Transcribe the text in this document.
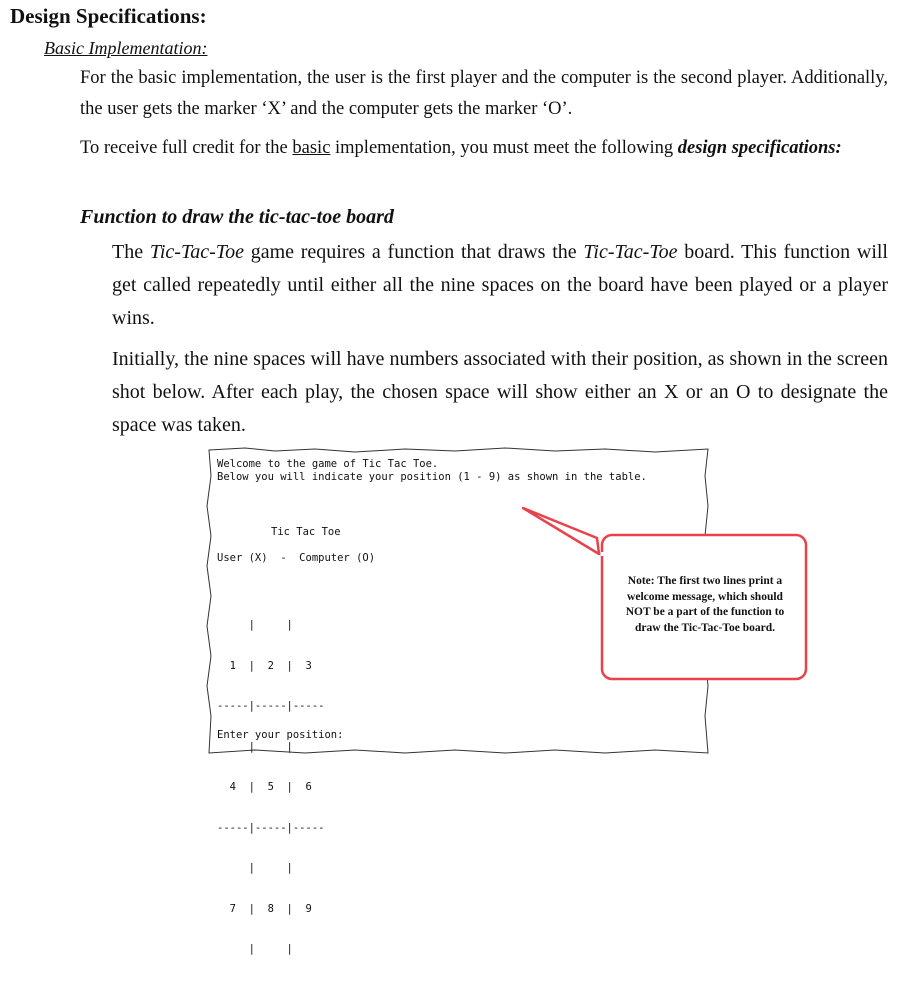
Design Specifications:
Basic Implementation:
For the basic implementation, the user is the first player and the computer is the second player. Additionally, the user gets the marker ‘X’ and the computer gets the marker ‘O’.
To receive full credit for the basic implementation, you must meet the following design specifications:
Function to draw the tic-tac-toe board
The Tic-Tac-Toe game requires a function that draws the Tic-Tac-Toe board. This function will get called repeatedly until either all the nine spaces on the board have been played or a player wins.
Initially, the nine spaces will have numbers associated with their position, as shown in the screen shot below. After each play, the chosen space will show either an X or an O to designate the space was taken.
Welcome to the game of Tic Tac Toe.
Below you will indicate your position (1 - 9) as shown in the table.
Tic Tac Toe
User (X)  -  Computer (O)

|     |

1  |  2  |  3

-----|-----|-----

|     |

4  |  5  |  6

-----|-----|-----

|     |

7  |  8  |  9

|     |

Enter your position:
Note: The first two lines print a welcome message, which should NOT be a part of the function to draw the Tic-Tac-Toe board.
